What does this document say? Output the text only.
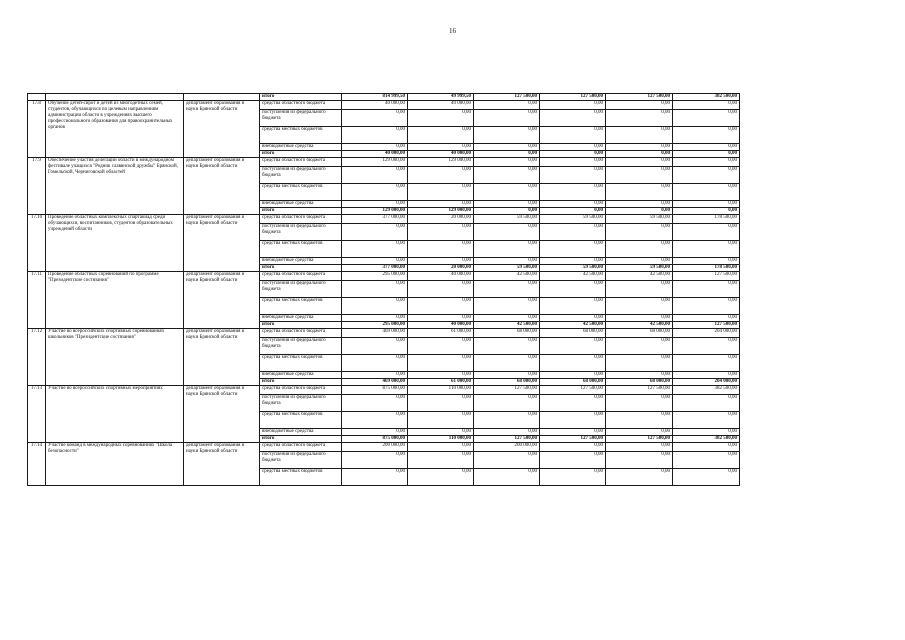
16
			итого	814 999,50	49 999,50	127 500,00	127 500,00	127 500,00	382 500,00
17.8	Обучение детей-сирот и детей из многодетных семей, студентов, обучающихся по целевым направлениям администрации области в учреждениях высшего профессионального образования для правоохранительных органов	департамент образования и науки Брянской области	средства областного бюджета	40 000,00	40 000,00	0,00	0,00	0,00	0,00
			поступления из федерального бюджета	0,00	0,00	0,00	0,00	0,00	0,00
			средства местных бюджетов	0,00	0,00	0,00	0,00	0,00	0,00
			внебюджетные средства	0,00	0,00	0,00	0,00	0,00	0,00
			итого	40 000,00	40 000,00	0,00	0,00	0,00	0,00
17.9	Обеспечение участия делегации области в международном фестивале учащихся "Родник славянской дружбы" Брянской, Гомельской, Черниговской областей	департамент образования и науки Брянской области	средства областного бюджета	129 000,00	129 000,00	0,00	0,00	0,00	0,00
			поступления из федерального бюджета	0,00	0,00	0,00	0,00	0,00	0,00
			средства местных бюджетов	0,00	0,00	0,00	0,00	0,00	0,00
			внебюджетные средства	0,00	0,00	0,00	0,00	0,00	0,00
			итого	129 000,00	129 000,00	0,00	0,00	0,00	0,00
17.10	Проведение областных комплексных спартакиад среди обучающихся, воспитанников, студентов образовательных учреждений области	департамент образования и науки Брянской области	средства областного бюджета	377 000,00	20 000,00	59 500,00	59 500,00	59 500,00	178 500,00
			поступления из федерального бюджета	0,00	0,00	0,00	0,00	0,00	0,00
			средства местных бюджетов	0,00	0,00	0,00	0,00	0,00	0,00
			внебюджетные средства	0,00	0,00	0,00	0,00	0,00	0,00
			итого	377 000,00	20 000,00	59 500,00	59 500,00	59 500,00	178 500,00
17.11	Проведение областных соревнований по программе "Президентские состязания"	департамент образования и науки Брянской области	средства областного бюджета	295 000,00	40 000,00	42 500,00	42 500,00	42 500,00	127 500,00
			поступления из федерального бюджета	0,00	0,00	0,00	0,00	0,00	0,00
			средства местных бюджетов	0,00	0,00	0,00	0,00	0,00	0,00
			внебюджетные средства	0,00	0,00	0,00	0,00	0,00	0,00
			итого	295 000,00	40 000,00	42 500,00	42 500,00	42 500,00	127 500,00
17.12	Участие во всероссийских спортивных соревнованиях школьников "Президентские состязания"	департамент образования и науки Брянской области	средства областного бюджета	469 000,00	61 000,00	68 000,00	68 000,00	68 000,00	204 000,00
			поступления из федерального бюджета	0,00	0,00	0,00	0,00	0,00	0,00
			средства местных бюджетов	0,00	0,00	0,00	0,00	0,00	0,00
			внебюджетные средства	0,00	0,00	0,00	0,00	0,00	0,00
			итого	469 000,00	61 000,00	68 000,00	68 000,00	68 000,00	204 000,00
17.13	Участие во всероссийских спортивных мероприятиях	департамент образования и науки Брянской области	средства областного бюджета	875 000,00	110 000,00	127 500,00	127 500,00	127 500,00	382 500,00
			поступления из федерального бюджета	0,00	0,00	0,00	0,00	0,00	0,00
			средства местных бюджетов	0,00	0,00	0,00	0,00	0,00	0,00
			внебюджетные средства	0,00	0,00	0,00	0,00	0,00	0,00
			итого	875 000,00	110 000,00	127 500,00	127 500,00	127 500,00	382 500,00
17.14	Участие команд в международных соревнованиях "Школа безопасности"	департамент образования и науки Брянской области	средства областного бюджета	200 000,00	0,00	200 000,00	0,00	0,00	0,00
			поступления из федерального бюджета	0,00	0,00	0,00	0,00	0,00	0,00
			средства местных бюджетов	0,00	0,00	0,00	0,00	0,00	0,00
